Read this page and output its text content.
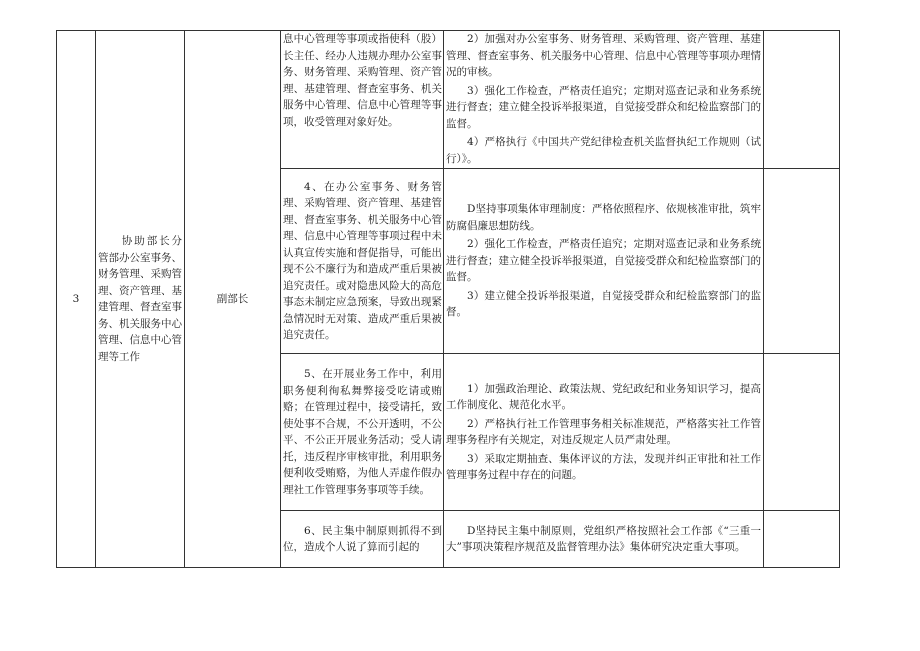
3	协助部长分管部办公室事务、财务管理、采购管理、资产管理、基建管理、督查室事务、机关服务中心管理、信息中心管理等工作	副部长	息中心管理等事项或指使科（股）长主任、经办人违规办理办公室事务、财务管理、采购管理、资产管理、基建管理、督查室事务、机关服务中心管理、信息中心管理等事项，收受管理对象好处。	2）加强对办公室事务、财务管理、采购管理、资产管理、基建管理、督查室事务、机关服务中心管理、信息中心管理等事项办理情况的审核。

3）强化工作检查，严格责任追究；定期对巡查记录和业务系统进行督查；建立健全投诉举报渠道，自觉接受群众和纪检监察部门的监督。

4）严格执行《中国共产党纪律检查机关监督执纪工作规则（试行）》。	

			4、在办公室事务、财务管理、采购管理、资产管理、基建管理、督查室事务、机关服务中心管理、信息中心管理等事项过程中未认真宣传实施和督促指导，可能出现不公不廉行为和造成严重后果被追究责任。或对隐患风险大的高危事态未制定应急预案，导致出现紧急情况时无对策、造成严重后果被追究责任。	D坚持事项集体审理制度：严格依照程序、依规核准审批，筑牢防腐倡廉思想防线。

2）强化工作检查，严格责任追究；定期对巡查记录和业务系统进行督查；建立健全投诉举报渠道，自觉接受群众和纪检监察部门的监督。

3）建立健全投诉举报渠道，自觉接受群众和纪检监察部门的监督。	

			5、在开展业务工作中，利用职务便利徇私舞弊接受吃请或贿赂；在管理过程中，接受请托，致使处事不合规，不公开透明，不公平、不公正开展业务活动；受人请托，违反程序审核审批，利用职务便利收受贿赂，为他人弄虚作假办理社工作管理事务事项等手续。	1）加强政治理论、政策法规、党纪政纪和业务知识学习，提高工作制度化、规范化水平。

2）严格执行社工作管理事务相关标准规范，严格落实社工作管理事务程序有关规定，对违反规定人员严肃处理。

3）采取定期抽查、集体评议的方法，发现并纠正审批和社工作管理事务过程中存在的问题。	

			6、民主集中制原则抓得不到位，造成个人说了算而引起的	D坚持民主集中制原则，党组织严格按照社会工作部《“三重一大”事项决策程序规范及监督管理办法》集体研究决定重大事项。	
